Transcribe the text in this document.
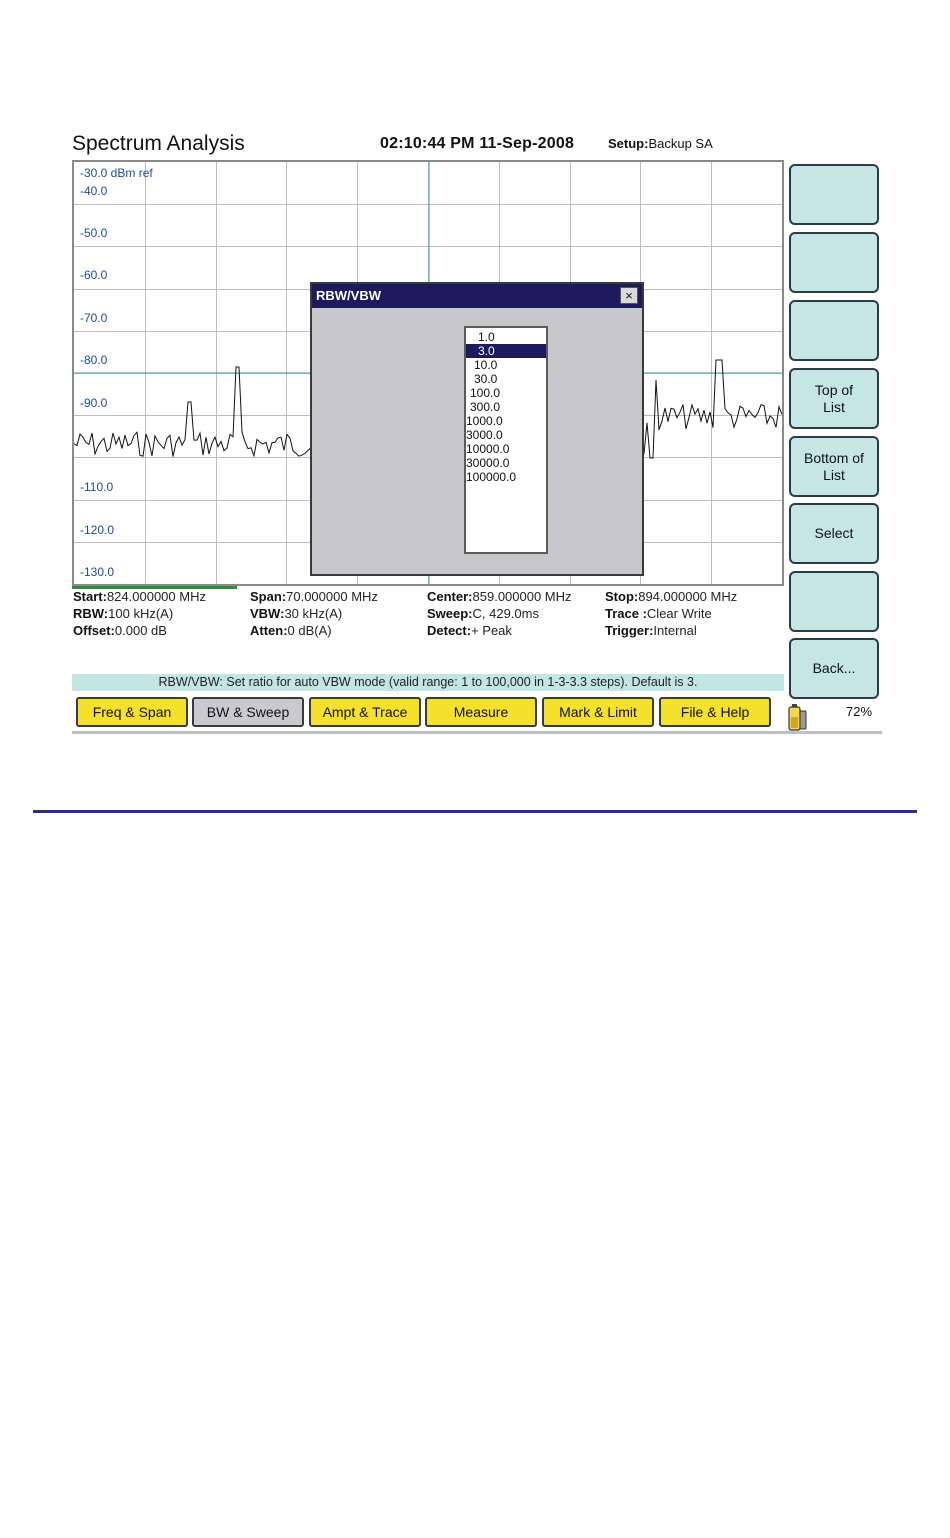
Spectrum Analysis	02:10:44 PM 11-Sep-2008	Setup:Backup SA
-30.0 dBm ref
-40.0
-50.0
-60.0
-70.0
-80.0
-90.0
-110.0
-120.0
-130.0
RBW/VBW	×
1.0
3.0
10.0
30.0
100.0
300.0
1000.0
3000.0
10000.0
30000.0
100000.0
Top of
List
Bottom of
List
Select
Back...
Start:824.000000 MHz	Span:70.000000 MHz	Center:859.000000 MHz	Stop:894.000000 MHz
RBW:100 kHz(A)	VBW:30 kHz(A)	Sweep:C, 429.0ms	Trace :Clear Write
Offset:0.000 dB	Atten:0 dB(A)	Detect:+ Peak	Trigger:Internal
RBW/VBW: Set ratio for auto VBW mode (valid range: 1 to 100,000 in 1-3-3.3 steps). Default is 3.
Freq & Span	BW & Sweep	Ampt & Trace	Measure	Mark & Limit	File & Help	72%
